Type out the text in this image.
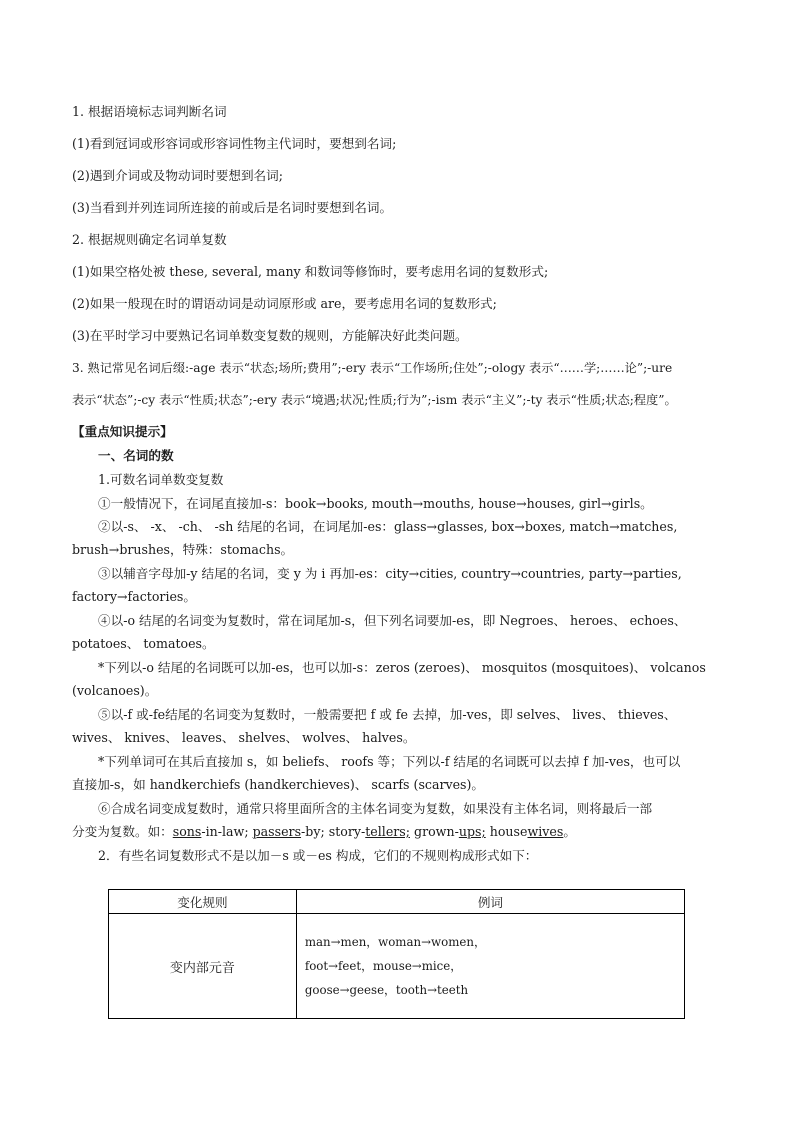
1. 根据语境标志词判断名词
(1)看到冠词或形容词或形容词性物主代词时，要想到名词;
(2)遇到介词或及物动词时要想到名词;
(3)当看到并列连词所连接的前或后是名词时要想到名词。
2. 根据规则确定名词单复数
(1)如果空格处被 these, several, many 和数词等修饰时，要考虑用名词的复数形式;
(2)如果一般现在时的谓语动词是动词原形或 are，要考虑用名词的复数形式;
(3)在平时学习中要熟记名词单数变复数的规则，方能解决好此类问题。
3. 熟记常见名词后缀:-age 表示“状态;场所;费用”;-ery 表示“工作场所;住处”;-ology 表示“……学;……论”;-ure
表示“状态”;-cy 表示“性质;状态”;-ery 表示“境遇;状况;性质;行为”;-ism 表示“主义”;-ty 表示“性质;状态;程度”。
【重点知识提示】
一、名词的数
1.可数名词单数变复数
①一般情况下，在词尾直接加-s：book→books, mouth→mouths, house→houses, girl→girls。
②以-s、 -x、 -ch、 -sh 结尾的名词，在词尾加-es：glass→glasses, box→boxes, match→matches,
brush→brushes，特殊：stomachs。
③以辅音字母加-y 结尾的名词，变 y 为 i 再加-es：city→cities, country→countries, party→parties,
factory→factories。
④以-o 结尾的名词变为复数时，常在词尾加-s，但下列名词要加-es，即 Negroes、 heroes、 echoes、
potatoes、 tomatoes。
*下列以-o 结尾的名词既可以加-es，也可以加-s：zeros (zeroes)、 mosquitos (mosquitoes)、 volcanos
(volcanoes)。
⑤以-f 或-fe结尾的名词变为复数时，一般需要把 f 或 fe 去掉，加-ves，即 selves、 lives、 thieves、
wives、 knives、 leaves、 shelves、 wolves、 halves。
*下列单词可在其后直接加 s，如 beliefs、 roofs 等；下列以-f 结尾的名词既可以去掉 f 加-ves，也可以
直接加-s，如 handkerchiefs (handkerchieves)、 scarfs (scarves)。
⑥合成名词变成复数时，通常只将里面所含的主体名词变为复数，如果没有主体名词，则将最后一部
分变为复数。如：sons-in-law; passers-by; story-tellers; grown-ups; housewives。
2．有些名词复数形式不是以加－s 或－es 构成，它们的不规则构成形式如下：
变化规则	例词
变内部元音	man→men，woman→women，
foot→feet，mouse→mice，
goose→geese，tooth→teeth
